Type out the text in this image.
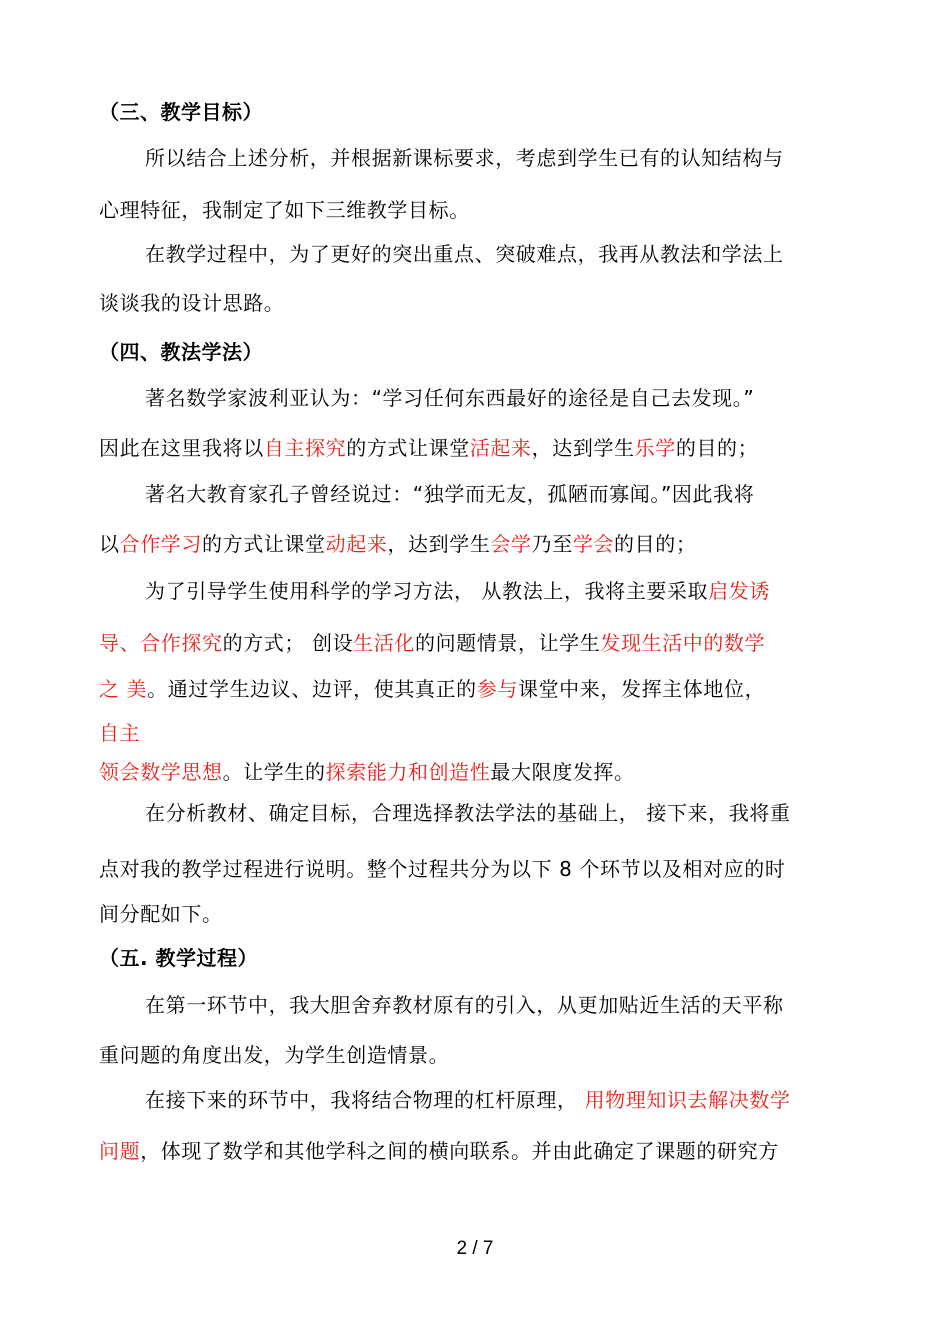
（三、教学目标）
所以结合上述分析，并根据新课标要求，考虑到学生已有的认知结构与
心理特征，我制定了如下三维教学目标。
在教学过程中，为了更好的突出重点、突破难点，我再从教法和学法上
谈谈我的设计思路。
（四、教法学法）
著名数学家波利亚认为：“学习任何东西最好的途径是自己去发现。”
因此在这里我将以自主探究的方式让课堂活起来，达到学生乐学的目的；
著名大教育家孔子曾经说过：“独学而无友，孤陋而寡闻。”因此我将
以合作学习的方式让课堂动起来，达到学生会学乃至学会的目的；
为了引导学生使用科学的学习方法， 从教法上，我将主要采取启发诱
导、合作探究的方式； 创设生活化的问题情景，让学生发现生活中的数学
之 美。通过学生边议、边评，使其真正的参与课堂中来，发挥主体地位，
自主
领会数学思想。让学生的探索能力和创造性最大限度发挥。
在分析教材、确定目标，合理选择教法学法的基础上， 接下来，我将重
点对我的教学过程进行说明。整个过程共分为以下 8 个环节以及相对应的时
间分配如下。
（五. 教学过程）
在第一环节中，我大胆舍弃教材原有的引入，从更加贴近生活的天平称
重问题的角度出发，为学生创造情景。
在接下来的环节中，我将结合物理的杠杆原理， 用物理知识去解决数学
问题，体现了数学和其他学科之间的横向联系。并由此确定了课题的研究方
2 / 7
